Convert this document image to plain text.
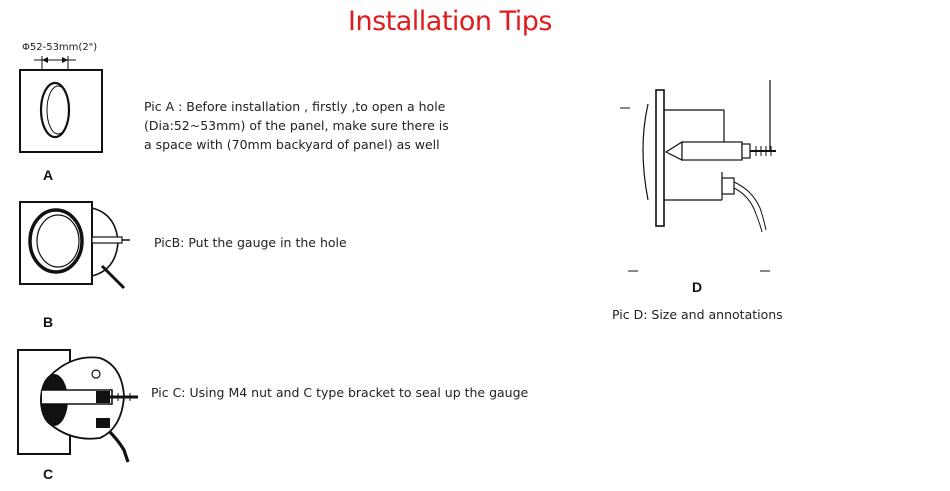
Installation Tips
Φ52-53mm(2")
A
Pic A : Before installation , firstly ,to open a hole
(Dia:52~53mm) of the panel, make sure there is
a space with (70mm backyard of panel) as well
B
PicB: Put the gauge in the hole
C
Pic C: Using M4 nut and C type bracket to seal up the gauge
D
Pic D: Size and annotations
